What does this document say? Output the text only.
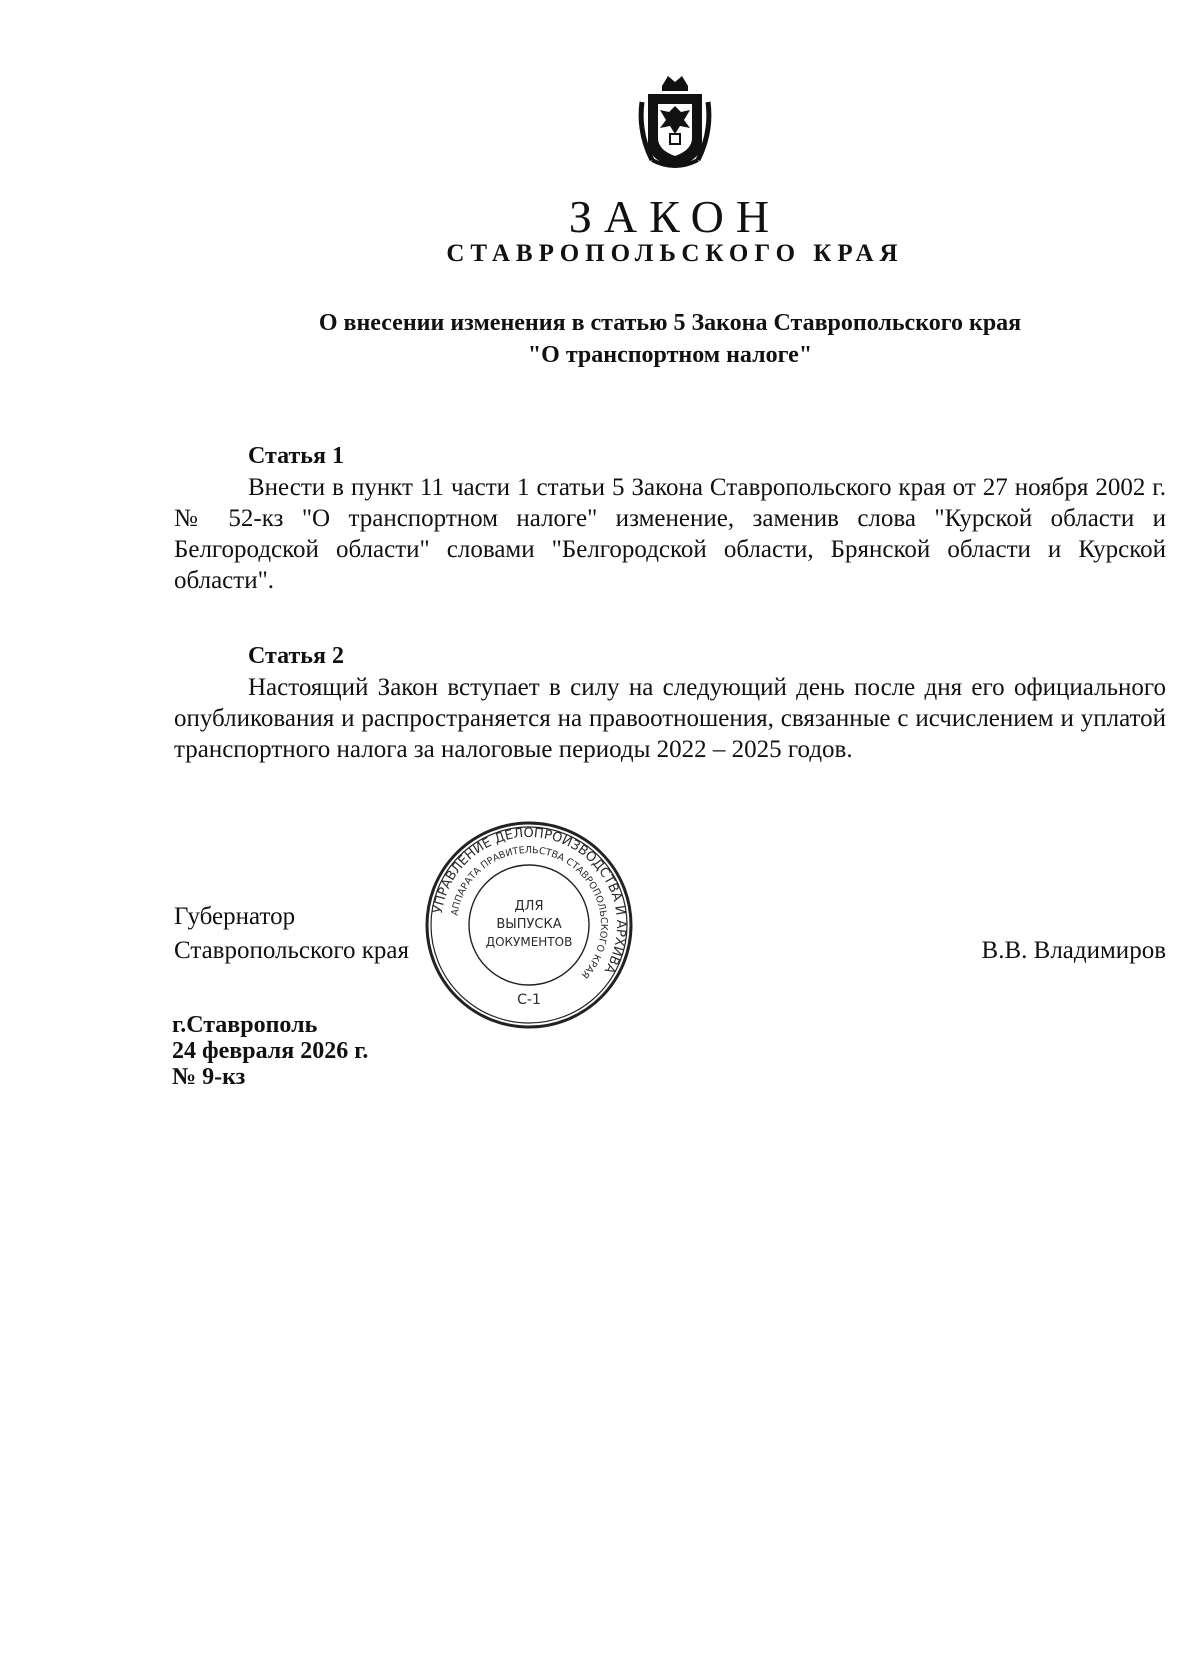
ЗАКОН
СТАВРОПОЛЬСКОГО КРАЯ
О внесении изменения в статью 5 Закона Ставропольского края
"О транспортном налоге"
Статья 1
Внести в пункт 11 части 1 статьи 5 Закона Ставропольского края от 27 ноября 2002 г. № 52-кз "О транспортном налоге" изменение, заменив слова "Курской области и Белгородской области" словами "Белгородской области, Брянской области и Курской области".
Статья 2
Настоящий Закон вступает в силу на следующий день после дня его официального опубликования и распространяется на правоотношения, связанные с исчислением и уплатой транспортного налога за налоговые периоды 2022 – 2025 годов.
Губернатор
Ставропольского края	В.В. Владимиров
г.Ставрополь
24 февраля 2026 г.
№ 9-кз
УПРАВЛЕНИЕ ДЕЛОПРОИЗВОДСТВА И АРХИВА
АППАРАТА ПРАВИТЕЛЬСТВА СТАВРОПОЛЬСКОГО КРАЯ
ДЛЯ
ВЫПУСКА
ДОКУМЕНТОВ
С-1
